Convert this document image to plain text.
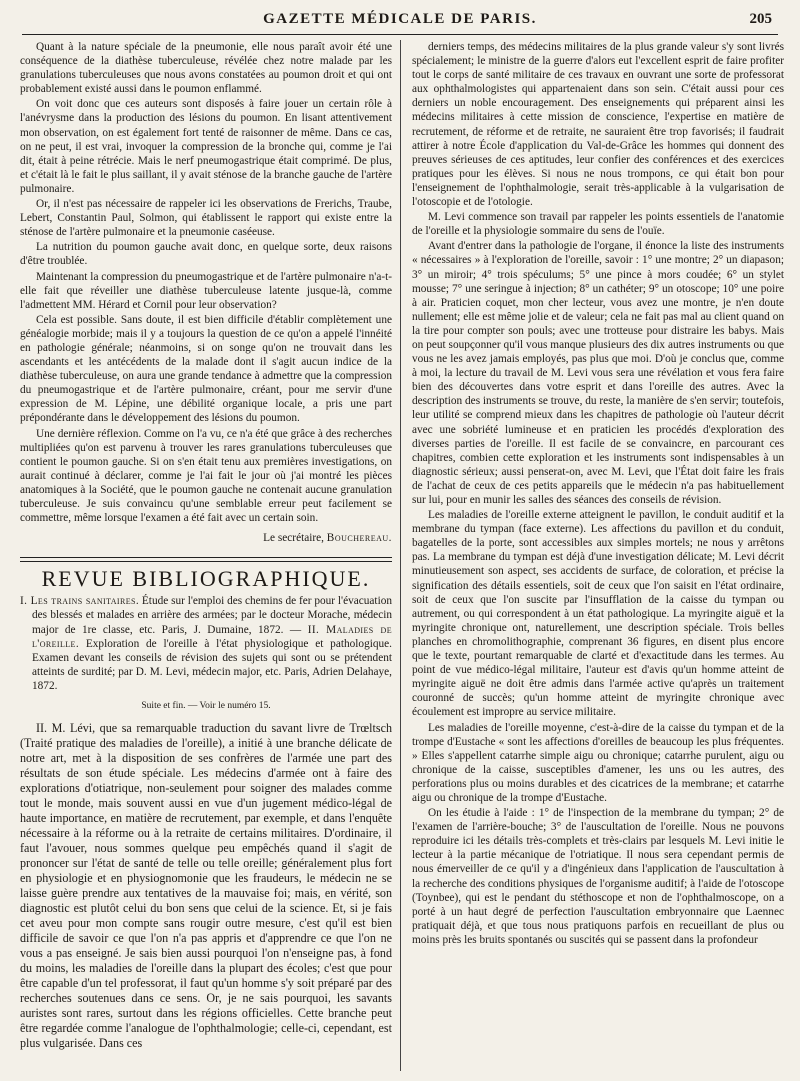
GAZETTE MÉDICALE DE PARIS.	205

Quant à la nature spéciale de la pneumonie, elle nous paraît avoir été une conséquence de la diathèse tuberculeuse, révélée chez notre malade par les granulations tuberculeuses que nous avons constatées au poumon droit et qui ont probablement existé aussi dans le poumon enflammé.

On voit donc que ces auteurs sont disposés à faire jouer un certain rôle à l'anévrysme dans la production des lésions du poumon. En lisant attentivement mon observation, on est également fort tenté de raisonner de même. Dans ce cas, on ne peut, il est vrai, invoquer la compression de la bronche qui, comme je l'ai dit, était à peine rétrécie. Mais le nerf pneumogastrique était comprimé. De plus, et c'était là le fait le plus saillant, il y avait sténose de la branche gauche de l'artère pulmonaire.

Or, il n'est pas nécessaire de rappeler ici les observations de Frerichs, Traube, Lebert, Constantin Paul, Solmon, qui établissent le rapport qui existe entre la sténose de l'artère pulmonaire et la pneumonie caséeuse.

La nutrition du poumon gauche avait donc, en quelque sorte, deux raisons d'être troublée.

Maintenant la compression du pneumogastrique et de l'artère pulmonaire n'a-t-elle fait que réveiller une diathèse tuberculeuse latente jusque-là, comme l'admettent MM. Hérard et Cornil pour leur observation?

Cela est possible. Sans doute, il est bien difficile d'établir complètement une généalogie morbide; mais il y a toujours la question de ce qu'on a appelé l'innéité en pathologie générale; néanmoins, si on songe qu'on ne trouvait dans les ascendants et les antécédents de la malade dont il s'agit aucun indice de la diathèse tuberculeuse, on aura une grande tendance à admettre que la compression du pneumogastrique et de l'artère pulmonaire, créant, pour me servir d'une expression de M. Lépine, une débilité organique locale, a pris une part prépondérante dans le développement des lésions du poumon.

Une dernière réflexion. Comme on l'a vu, ce n'a été que grâce à des recherches multipliées qu'on est parvenu à trouver les rares granulations tuberculeuses que contient le poumon gauche. Si on s'en était tenu aux premières investigations, on aurait continué à déclarer, comme je l'ai fait le jour où j'ai montré les pièces anatomiques à la Société, que le poumon gauche ne contenait aucune granulation tuberculeuse. Je suis convaincu qu'une semblable erreur peut facilement se commettre, même lorsque l'examen a été fait avec un certain soin.

Le secrétaire, Bouchereau.

REVUE BIBLIOGRAPHIQUE.

I. Les trains sanitaires. Étude sur l'emploi des chemins de fer pour l'évacuation des blessés et malades en arrière des armées; par le docteur Morache, médecin major de 1re classe, etc. Paris, J. Dumaine, 1872. — II. Maladies de l'oreille. Exploration de l'oreille à l'état physiologique et pathologique. Examen devant les conseils de révision des sujets qui sont ou se prétendent atteints de surdité; par D. M. Levi, médecin major, etc. Paris, Adrien Delahaye, 1872.

Suite et fin. — Voir le numéro 15.

II. M. Lévi, que sa remarquable traduction du savant livre de Trœltsch (Traité pratique des maladies de l'oreille), a initié à une branche délicate de notre art, met à la disposition de ses confrères de l'armée une part des résultats de son étude spéciale. Les médecins d'armée ont à faire des explorations d'otiatrique, non-seulement pour soigner des malades comme tout le monde, mais souvent aussi en vue d'un jugement médico-légal de haute importance, en matière de recrutement, par exemple, et dans l'enquête nécessaire à la réforme ou à la retraite de certains militaires. D'ordinaire, il faut l'avouer, nous sommes quelque peu empêchés quand il s'agit de prononcer sur l'état de santé de telle ou telle oreille; généralement plus fort en physiologie et en physiognomonie que les fraudeurs, le médecin ne se laisse guère prendre aux tentatives de la mauvaise foi; mais, en vérité, son diagnostic est plutôt celui du bon sens que celui de la science. Et, si je fais cet aveu pour mon compte sans rougir outre mesure, c'est qu'il est bien difficile de savoir ce que l'on n'a pas appris et d'apprendre ce que l'on ne vous a pas enseigné. Je sais bien aussi pourquoi l'on n'enseigne pas, à fond du moins, les maladies de l'oreille dans la plupart des écoles; c'est que pour être capable d'un tel professorat, il faut qu'un homme s'y soit préparé par des recherches soutenues dans ce sens. Or, je ne sais pourquoi, les savants auristes sont rares, surtout dans les régions officielles. Cette branche peut être regardée comme l'analogue de l'ophthalmologie; celle-ci, cependant, est plus vulgarisée. Dans ces

derniers temps, des médecins militaires de la plus grande valeur s'y sont livrés spécialement; le ministre de la guerre d'alors eut l'excellent esprit de faire profiter tout le corps de santé militaire de ces travaux en ouvrant une sorte de professorat aux ophthalmologistes qui appartenaient dans son sein. C'était aussi pour ces derniers un noble encouragement. Des enseignements qui préparent ainsi les médecins militaires à cette mission de conscience, l'expertise en matière de recrutement, de réforme et de retraite, ne sauraient être trop favorisés; il faudrait attirer à notre École d'application du Val-de-Grâce les hommes qui donnent des preuves sérieuses de ces aptitudes, leur confier des conférences et des exercices pratiques pour les élèves. Si nous ne nous trompons, ce qui était bon pour l'enseignement de l'ophthalmologie, serait très-applicable à la vulgarisation de l'otoscopie et de l'otologie.

M. Levi commence son travail par rappeler les points essentiels de l'anatomie de l'oreille et la physiologie sommaire du sens de l'ouïe.

Avant d'entrer dans la pathologie de l'organe, il énonce la liste des instruments « nécessaires » à l'exploration de l'oreille, savoir : 1° une montre; 2° un diapason; 3° un miroir; 4° trois spéculums; 5° une pince à mors coudée; 6° un stylet mousse; 7° une seringue à injection; 8° un cathéter; 9° un otoscope; 10° une poire à air. Praticien coquet, mon cher lecteur, vous avez une montre, je n'en doute nullement; elle est même jolie et de valeur; cela ne fait pas mal au client quand on la tire pour compter son pouls; avec une trotteuse pour distraire les babys. Mais on peut soupçonner qu'il vous manque plusieurs des dix autres instruments ou que vous ne les avez jamais employés, pas plus que moi. D'où je conclus que, comme à moi, la lecture du travail de M. Levi vous sera une révélation et vous fera faire bien des découvertes dans votre esprit et dans l'oreille des autres. Avec la description des instruments se trouve, du reste, la manière de s'en servir; toutefois, leur utilité se comprend mieux dans les chapitres de pathologie où l'auteur décrit avec une sobriété lumineuse et en praticien les procédés d'exploration des diverses parties de l'oreille. Il est facile de se convaincre, en parcourant ces chapitres, combien cette exploration et les instruments sont indispensables à un diagnostic sérieux; aussi penserat-on, avec M. Levi, que l'État doit faire les frais de l'achat de ceux de ces petits appareils que le médecin n'a pas habituellement sur lui, pour en munir les salles des séances des conseils de révision.

Les maladies de l'oreille externe atteignent le pavillon, le conduit auditif et la membrane du tympan (face externe). Les affections du pavillon et du conduit, bagatelles de la porte, sont accessibles aux simples mortels; ne nous y arrêtons pas. La membrane du tympan est déjà d'une investigation délicate; M. Levi décrit minutieusement son aspect, ses accidents de surface, de coloration, et précise la signification des détails essentiels, soit de ceux que l'on saisit en l'état ordinaire, soit de ceux que l'on suscite par l'insufflation de la caisse du tympan ou autrement, ou qui correspondent à un état pathologique. La myringite aiguë et la myringite chronique ont, naturellement, une description spéciale. Trois belles planches en chromolithographie, comprenant 36 figures, en disent plus encore que le texte, pourtant remarquable de clarté et d'exactitude dans les termes. Au point de vue médico-légal militaire, l'auteur est d'avis qu'un homme atteint de myringite aiguë ne doit être admis dans l'armée active qu'après un traitement couronné de succès; qu'un homme atteint de myringite chronique avec écoulement est impropre au service militaire.

Les maladies de l'oreille moyenne, c'est-à-dire de la caisse du tympan et de la trompe d'Eustache « sont les affections d'oreilles de beaucoup les plus fréquentes. » Elles s'appellent catarrhe simple aigu ou chronique; catarrhe purulent, aigu ou chronique de la caisse, susceptibles d'amener, les uns ou les autres, des perforations plus ou moins durables et des cicatrices de la membrane; et catarrhe aigu ou chronique de la trompe d'Eustache.

On les étudie à l'aide : 1° de l'inspection de la membrane du tympan; 2° de l'examen de l'arrière-bouche; 3° de l'auscultation de l'oreille. Nous ne pouvons reproduire ici les détails très-complets et très-clairs par lesquels M. Levi initie le lecteur à la partie mécanique de l'otriatique. Il nous sera cependant permis de nous émerveiller de ce qu'il y a d'ingénieux dans l'application de l'auscultation à la recherche des conditions physiques de l'organisme auditif; à l'aide de l'otoscope (Toynbee), qui est le pendant du stéthoscope et non de l'ophthalmoscope, on a porté à un haut degré de perfection l'auscultation embryonnaire que Laennec pratiquait déjà, et que tous nous pratiquons parfois en recueillant de plus ou moins près les bruits spontanés ou suscités qui se passent dans la profondeur
